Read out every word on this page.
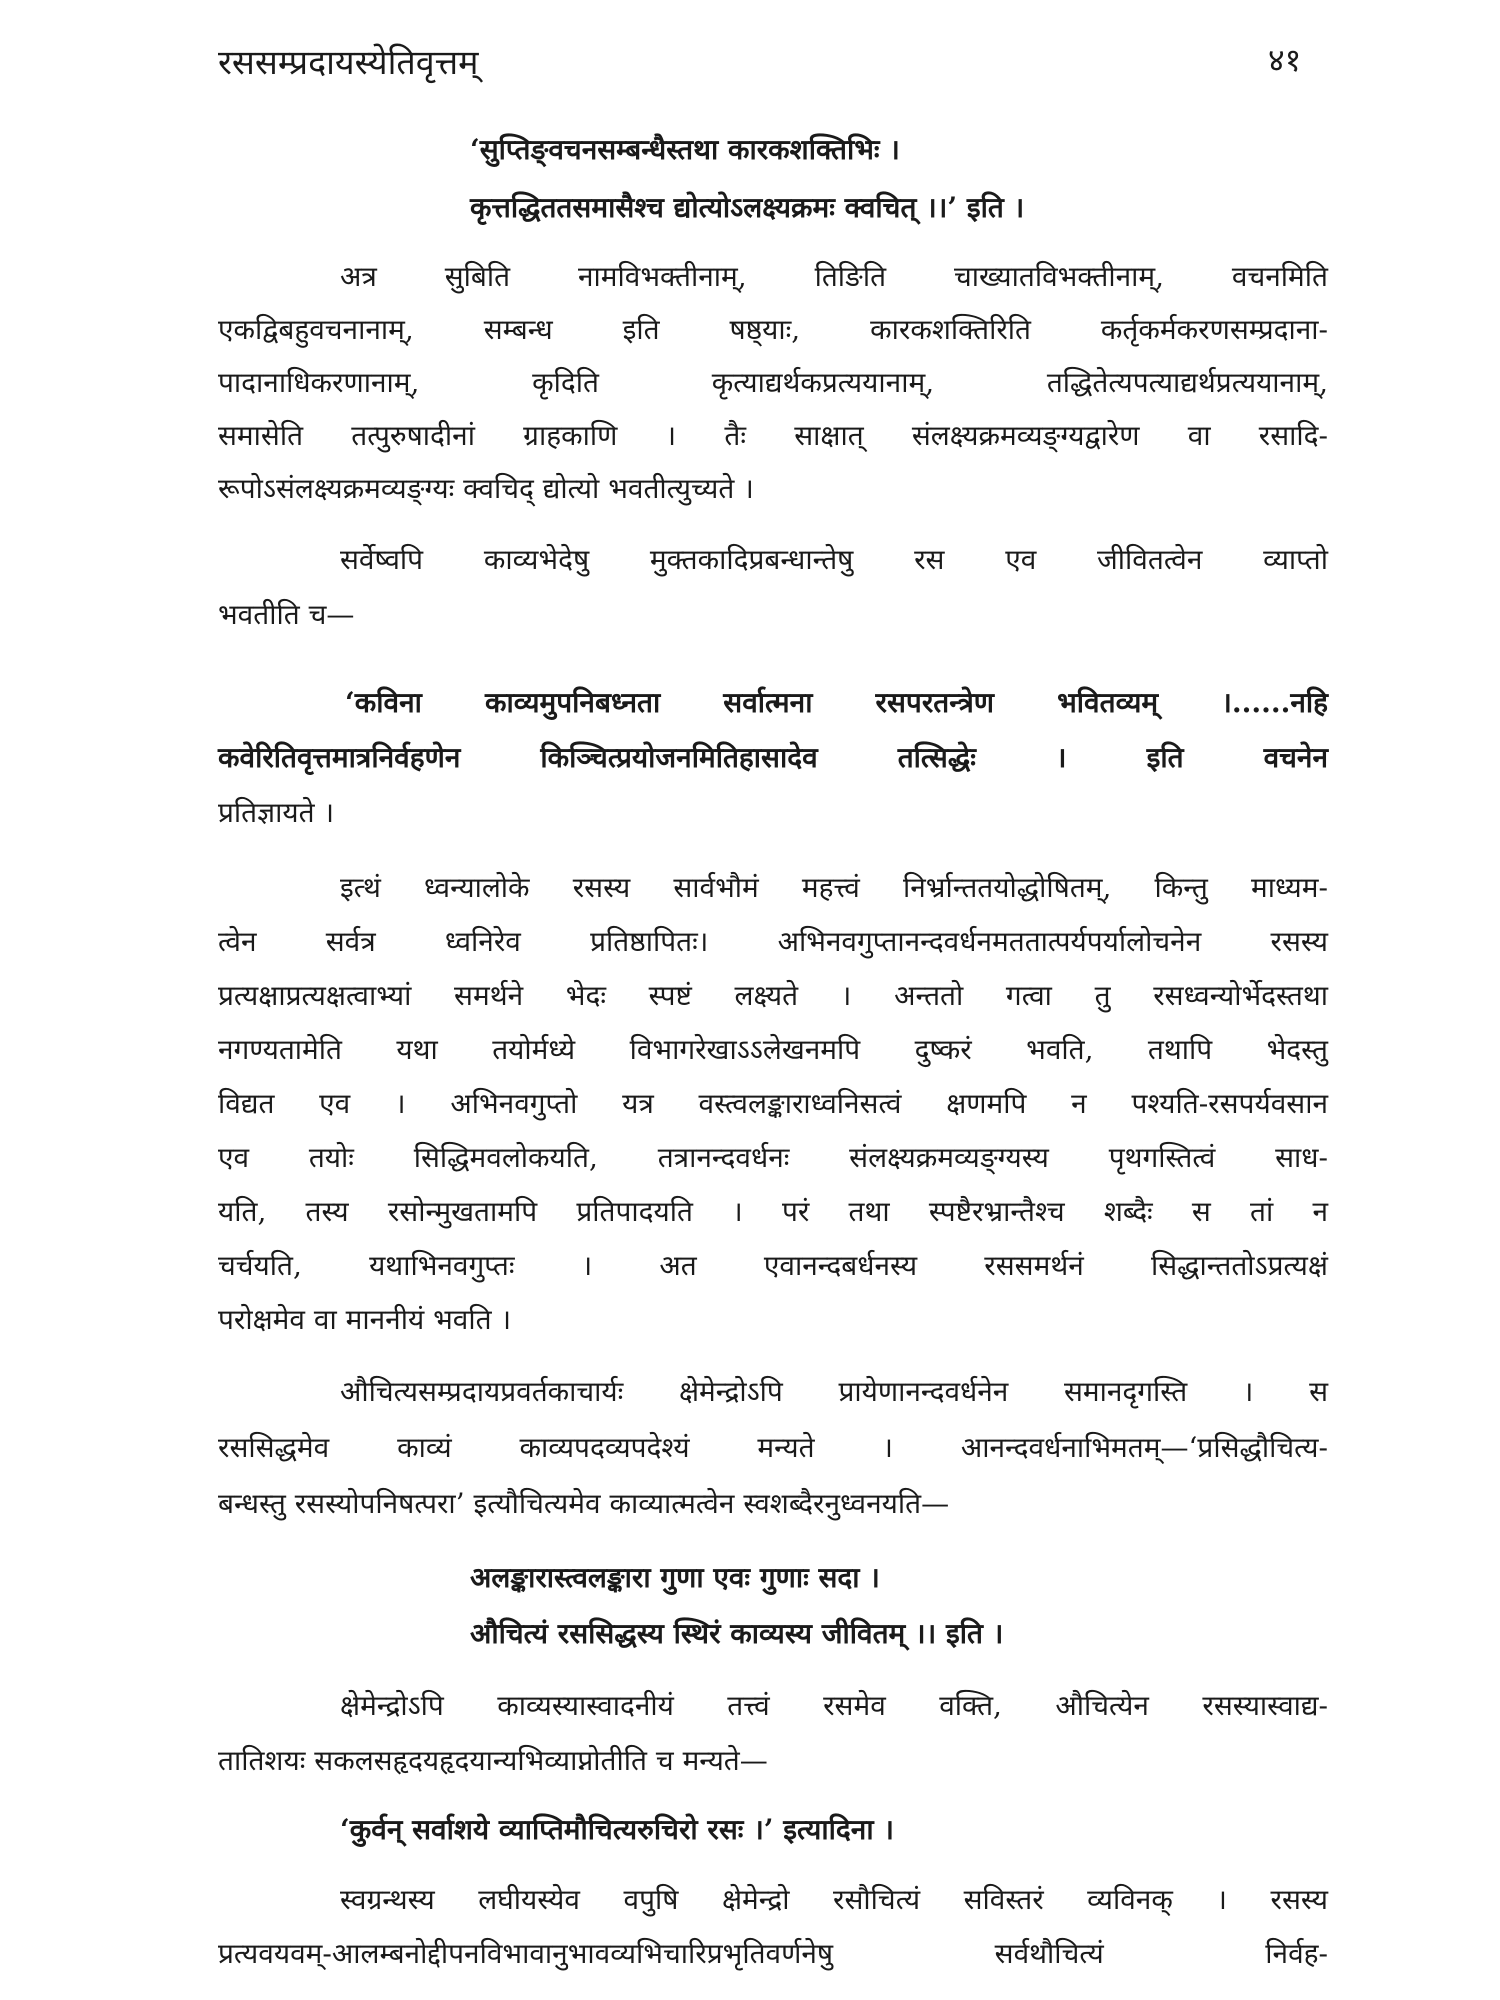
रससम्प्रदायस्येतिवृत्तम्	४१
‘सुप्तिङ्वचनसम्बन्धैस्तथा कारकशक्तिभिः ।
कृत्तद्धिततसमासैश्च द्योत्योऽलक्ष्यक्रमः क्वचित् ।।’ इति ।
अत्र सुबिति नामविभक्तीनाम्, तिङिति चाख्यातविभक्तीनाम्, वचनमिति
एकद्विबहुवचनानाम्, सम्बन्ध इति षष्ठ्याः, कारकशक्तिरिति कर्तृकर्मकरणसम्प्रदाना-
पादानाधिकरणानाम्, कृदिति कृत्याद्यर्थकप्रत्ययानाम्, तद्धितेत्यपत्याद्यर्थप्रत्ययानाम्,
समासेति तत्पुरुषादीनां ग्राहकाणि । तैः साक्षात् संलक्ष्यक्रमव्यङ्ग्यद्वारेण वा रसादि-
रूपोऽसंलक्ष्यक्रमव्यङ्ग्यः क्वचिद् द्योत्यो भवतीत्युच्यते ।
सर्वेष्वपि काव्यभेदेषु मुक्तकादिप्रबन्धान्तेषु रस एव जीवितत्वेन व्याप्तो
भवतीति च—
‘कविना काव्यमुपनिबध्नता सर्वात्मना रसपरतन्त्रेण भवितव्यम् ।......नहि
कवेरितिवृत्तमात्रनिर्वहणेन किञ्चित्प्रयोजनमितिहासादेव तत्सिद्धेः । इति वचनेन
प्रतिज्ञायते ।
इत्थं ध्वन्यालोके रसस्य सार्वभौमं महत्त्वं निर्भ्रान्ततयोद्धोषितम्, किन्तु माध्यम-
त्वेन सर्वत्र ध्वनिरेव प्रतिष्ठापितः। अभिनवगुप्तानन्दवर्धनमततात्पर्यपर्यालोचनेन रसस्य
प्रत्यक्षाप्रत्यक्षत्वाभ्यां समर्थने भेदः स्पष्टं लक्ष्यते । अन्ततो गत्वा तु रसध्वन्योर्भेदस्तथा
नगण्यतामेति यथा तयोर्मध्ये विभागरेखाऽऽलेखनमपि दुष्करं भवति, तथापि भेदस्तु
विद्यत एव । अभिनवगुप्तो यत्र वस्त्वलङ्काराध्वनिसत्वं क्षणमपि न पश्यति-रसपर्यवसान
एव तयोः सिद्धिमवलोकयति, तत्रानन्दवर्धनः संलक्ष्यक्रमव्यङ्ग्यस्य पृथगस्तित्वं साध-
यति, तस्य रसोन्मुखतामपि प्रतिपादयति । परं तथा स्पष्टैरभ्रान्तैश्च शब्दैः स तां न
चर्चयति, यथाभिनवगुप्तः । अत एवानन्दबर्धनस्य रससमर्थनं सिद्धान्ततोऽप्रत्यक्षं
परोक्षमेव वा माननीयं भवति ।
औचित्यसम्प्रदायप्रवर्तकाचार्यः क्षेमेन्द्रोऽपि प्रायेणानन्दवर्धनेन समानदृगस्ति । स
रससिद्धमेव काव्यं काव्यपदव्यपदेश्यं मन्यते । आनन्दवर्धनाभिमतम्—‘प्रसिद्धौचित्य-
बन्धस्तु रसस्योपनिषत्परा’ इत्यौचित्यमेव काव्यात्मत्वेन स्वशब्दैरनुध्वनयति—
अलङ्कारास्त्वलङ्कारा गुणा एवः गुणाः सदा ।
औचित्यं रससिद्धस्य स्थिरं काव्यस्य जीवितम् ।। इति ।
क्षेमेन्द्रोऽपि काव्यस्यास्वादनीयं तत्त्वं रसमेव वक्ति, औचित्येन रसस्यास्वाद्य-
तातिशयः सकलसहृदयहृदयान्यभिव्याप्नोतीति च मन्यते—
‘कुर्वन् सर्वाशये व्याप्तिमौचित्यरुचिरो रसः ।’ इत्यादिना ।
स्वग्रन्थस्य लघीयस्येव वपुषि क्षेमेन्द्रो रसौचित्यं सविस्तरं व्यविनक् । रसस्य
प्रत्यवयवम्-आलम्बनोद्दीपनविभावानुभावव्यभिचारिप्रभृतिवर्णनेषु सर्वथौचित्यं निर्वह-
